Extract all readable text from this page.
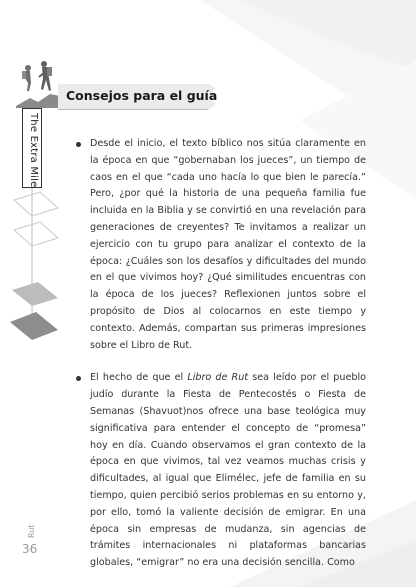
Consejos para el guía
The Extra Mile	Desde el inicio, el texto bíblico nos sitúa claramente en la época en que “gobernaban los jueces”, un tiempo de caos en el que “cada uno hacía lo que bien le parecía.” Pero, ¿por qué la historia de una pequeña familia fue incluida en la Biblia y se convirtió en una revelación para generaciones de creyentes? Te invitamos a realizar un ejercicio con tu grupo para analizar el contexto de la época: ¿Cuáles son los desafíos y dificultades del mundo en el que vivimos hoy? ¿Qué similitudes encuentras con la época de los jueces? Reflexionen juntos sobre el propósito de Dios al colocarnos en este tiempo y contexto. Además, compartan sus primeras impresiones sobre el Libro de Rut.

El hecho de que el Libro de Rut sea leído por el pueblo judío durante la Fiesta de Pentecostés o Fiesta de Semanas (Shavuot)nos ofrece una base teológica muy significativa para entender el concepto de “promesa” hoy en día. Cuando observamos el gran contexto de la época en que vivimos, tal vez veamos muchas crisis y dificultades, al igual que Elimélec, jefe de familia en su tiempo, quien percibió serios problemas en su entorno y, por ello, tomó la valiente decisión de emigrar. En una época sin empresas de mudanza, sin agencias de trámites internacionales ni plataformas bancarias globales, “emigrar” no era una decisión sencilla. Como

Rut
36
